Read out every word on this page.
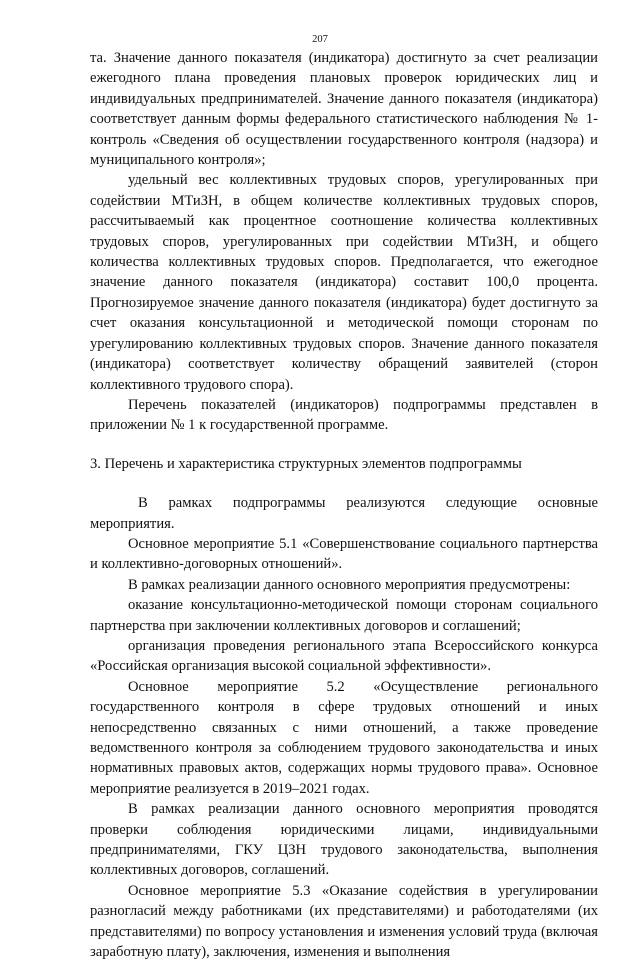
207

та. Значение данного показателя (индикатора) достигнуто за счет реализации ежегодного плана проведения плановых проверок юридических лиц и индивидуальных предпринимателей. Значение данного показателя (индикатора) соответствует данным формы федерального статистического наблюдения № 1-контроль «Сведения об осуществлении государственного контроля (надзора) и муниципального контроля»;

удельный вес коллективных трудовых споров, урегулированных при содействии МТиЗН, в общем количестве коллективных трудовых споров, рассчитываемый как процентное соотношение количества коллективных трудовых споров, урегулированных при содействии МТиЗН, и общего количества коллективных трудовых споров. Предполагается, что ежегодное значение данного показателя (индикатора) составит 100,0 процента. Прогнозируемое значение данного показателя (индикатора) будет достигнуто за счет оказания консультационной и методической помощи сторонам по урегулированию коллективных трудовых споров. Значение данного показателя (индикатора) соответствует количеству обращений заявителей (сторон коллективного трудового спора).

Перечень показателей (индикаторов) подпрограммы представлен в приложении № 1 к государственной программе.

3. Перечень и характеристика структурных элементов подпрограммы

В рамках подпрограммы реализуются следующие основные мероприятия.

Основное мероприятие 5.1 «Совершенствование социального партнерства и коллективно-договорных отношений».

В рамках реализации данного основного мероприятия предусмотрены:

оказание консультационно-методической помощи сторонам социального партнерства при заключении коллективных договоров и соглашений;

организация проведения регионального этапа Всероссийского конкурса «Российская организация высокой социальной эффективности».

Основное мероприятие 5.2 «Осуществление регионального государственного контроля в сфере трудовых отношений и иных непосредственно связанных с ними отношений, а также проведение ведомственного контроля за соблюдением трудового законодательства и иных нормативных правовых актов, содержащих нормы трудового права». Основное мероприятие реализуется в 2019–2021 годах.

В рамках реализации данного основного мероприятия проводятся проверки соблюдения юридическими лицами, индивидуальными предпринимателями, ГКУ ЦЗН трудового законодательства, выполнения коллективных договоров, соглашений.

Основное мероприятие 5.3 «Оказание содействия в урегулировании разногласий между работниками (их представителями) и работодателями (их представителями) по вопросу установления и изменения условий труда (включая заработную плату), заключения, изменения и выполнения
